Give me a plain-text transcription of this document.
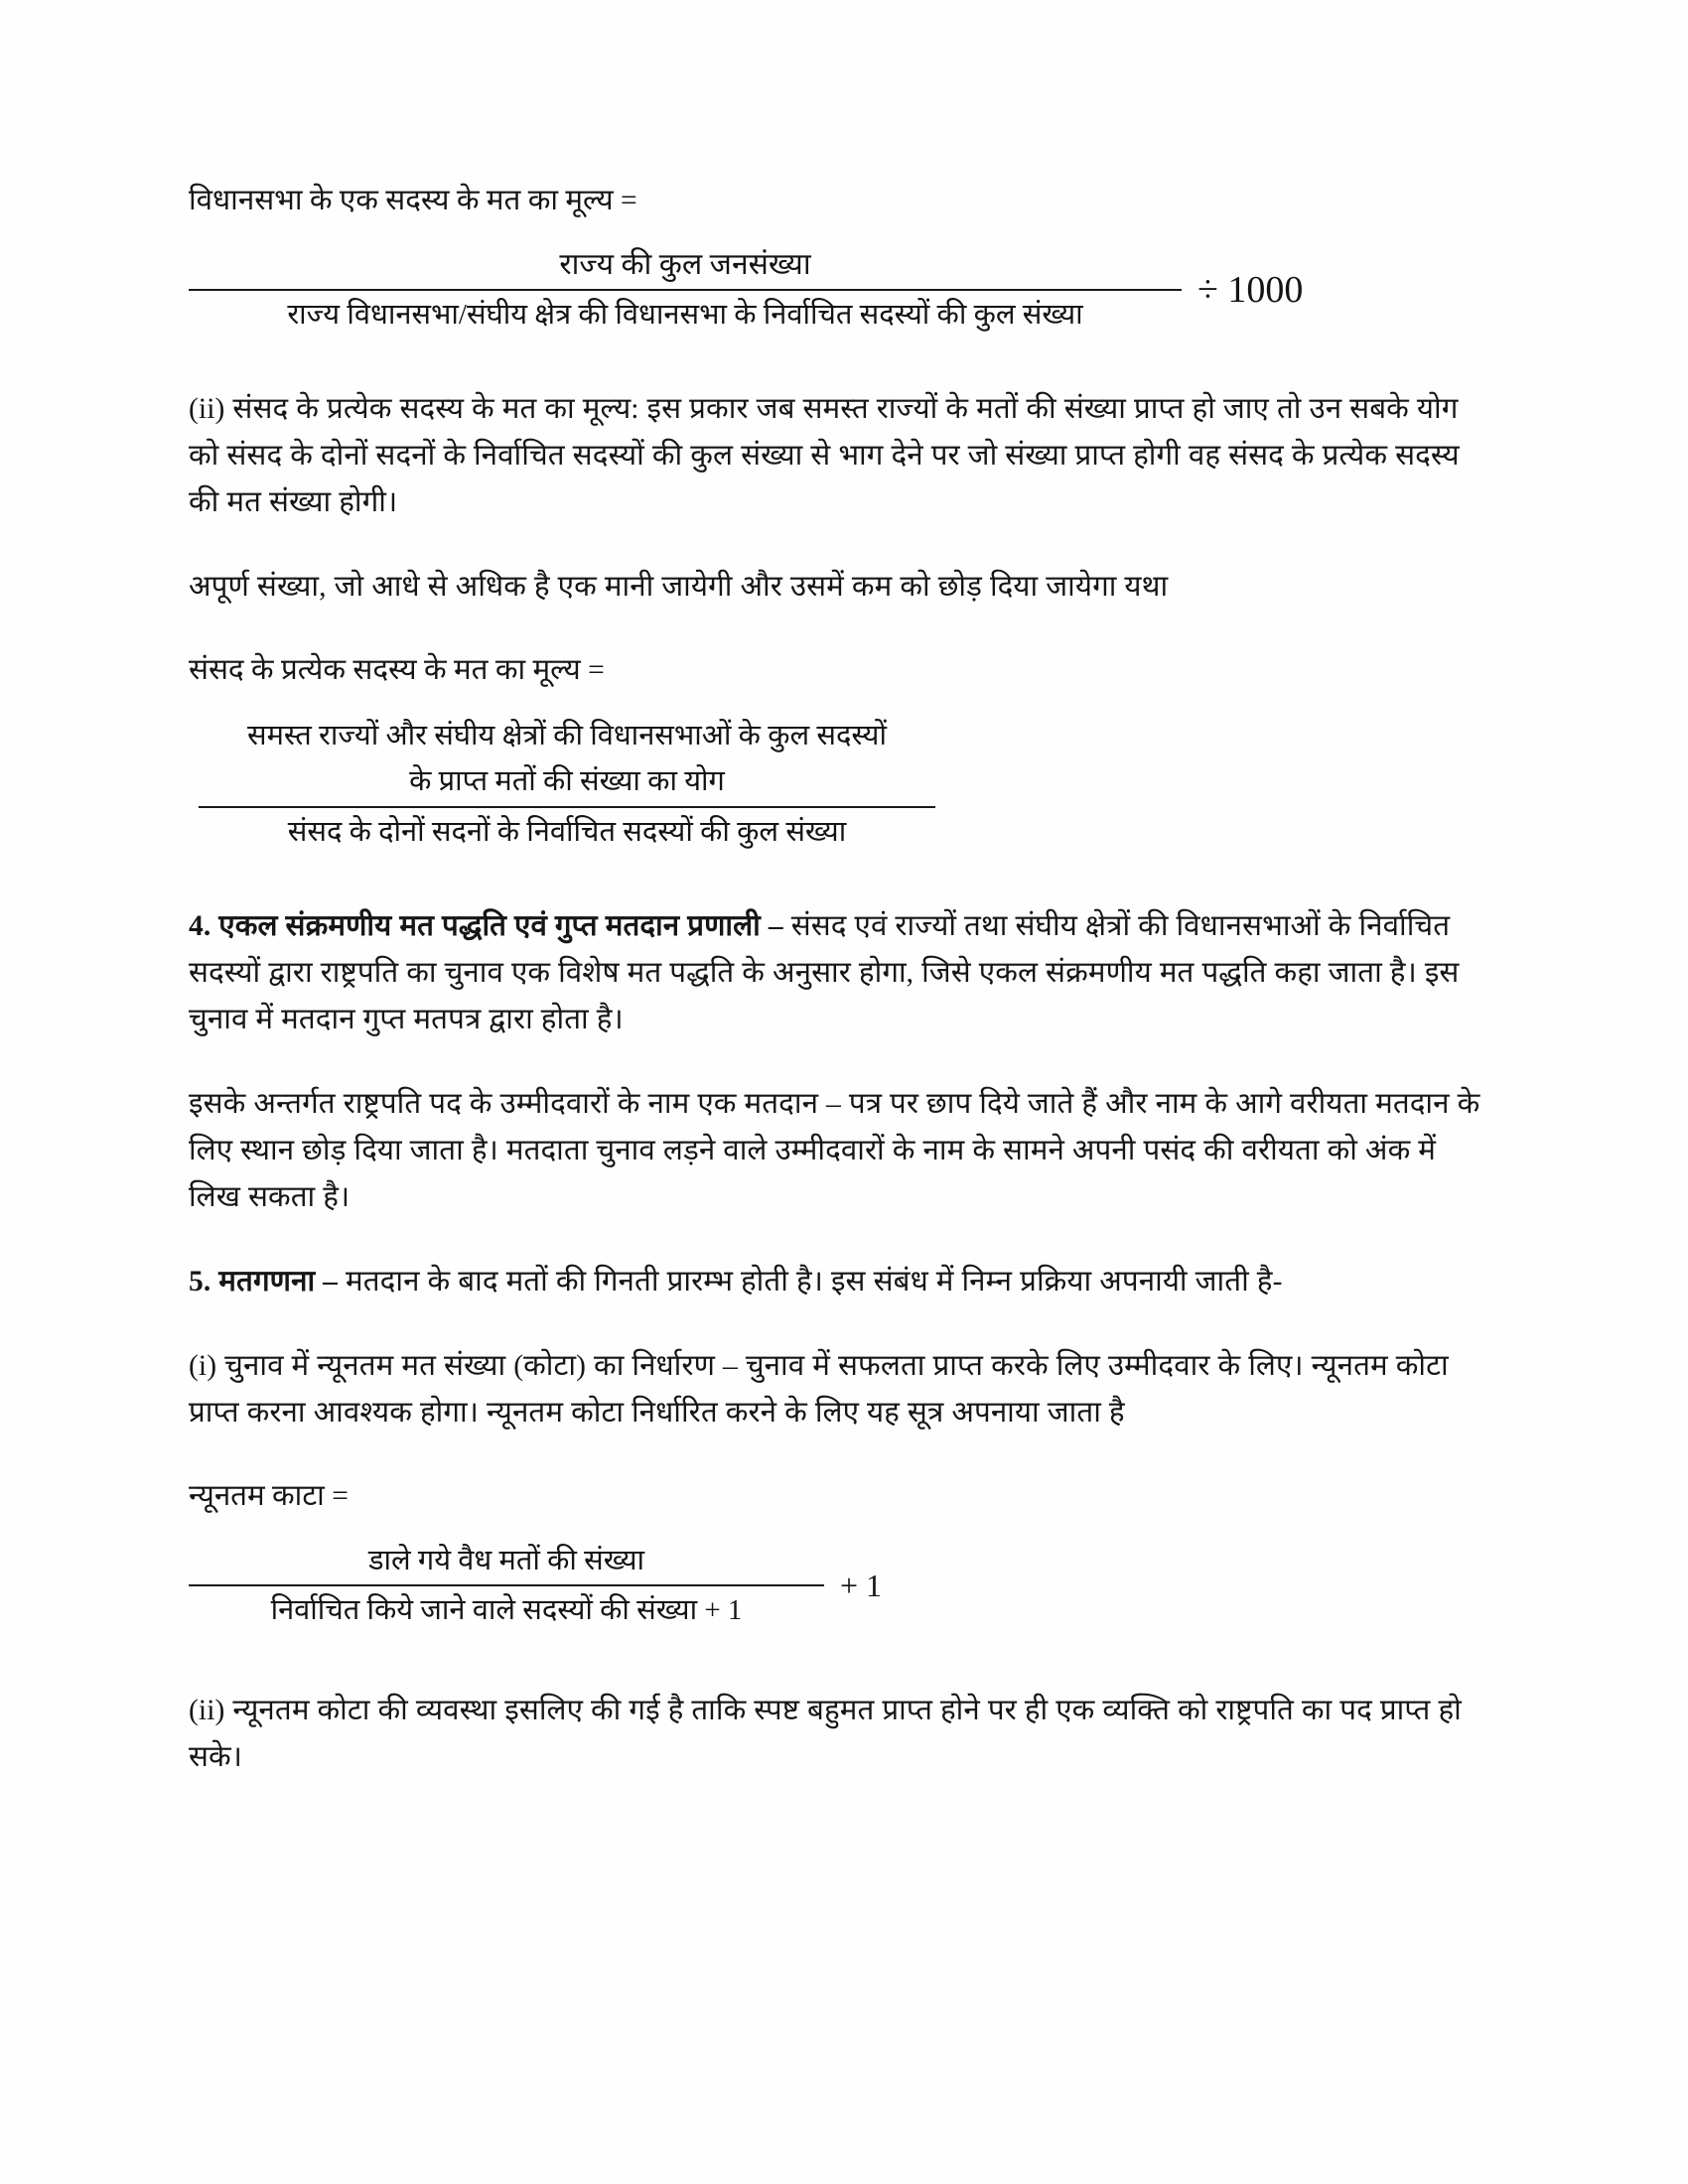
विधानसभा के एक सदस्य के मत का मूल्य =

राज्य की कुल जनसंख्या
राज्य विधानसभा/संघीय क्षेत्र की विधानसभा के निर्वाचित सदस्यों की कुल संख्या
÷ 1000

(ii) संसद के प्रत्येक सदस्य के मत का मूल्य: इस प्रकार जब समस्त राज्यों के मतों की संख्या प्राप्त हो जाए तो उन सबके योग को संसद के दोनों सदनों के निर्वाचित सदस्यों की कुल संख्या से भाग देने पर जो संख्या प्राप्त होगी वह संसद के प्रत्येक सदस्य की मत संख्या होगी।

अपूर्ण संख्या, जो आधे से अधिक है एक मानी जायेगी और उसमें कम को छोड़ दिया जायेगा यथा

संसद के प्रत्येक सदस्य के मत का मूल्य =

समस्त राज्यों और संघीय क्षेत्रों की विधानसभाओं के कुल सदस्यों
के प्राप्त मतों की संख्या का योग
संसद के दोनों सदनों के निर्वाचित सदस्यों की कुल संख्या

4. एकल संक्रमणीय मत पद्धति एवं गुप्त मतदान प्रणाली – संसद एवं राज्यों तथा संघीय क्षेत्रों की विधानसभाओं के निर्वाचित सदस्यों द्वारा राष्ट्रपति का चुनाव एक विशेष मत पद्धति के अनुसार होगा, जिसे एकल संक्रमणीय मत पद्धति कहा जाता है। इस चुनाव में मतदान गुप्त मतपत्र द्वारा होता है।

इसके अन्तर्गत राष्ट्रपति पद के उम्मीदवारों के नाम एक मतदान – पत्र पर छाप दिये जाते हैं और नाम के आगे वरीयता मतदान के लिए स्थान छोड़ दिया जाता है। मतदाता चुनाव लड़ने वाले उम्मीदवारों के नाम के सामने अपनी पसंद की वरीयता को अंक में लिख सकता है।

5. मतगणना – मतदान के बाद मतों की गिनती प्रारम्भ होती है। इस संबंध में निम्न प्रक्रिया अपनायी जाती है-

(i) चुनाव में न्यूनतम मत संख्या (कोटा) का निर्धारण – चुनाव में सफलता प्राप्त करके लिए उम्मीदवार के लिए। न्यूनतम कोटा प्राप्त करना आवश्यक होगा। न्यूनतम कोटा निर्धारित करने के लिए यह सूत्र अपनाया जाता है

न्यूनतम काटा =

$\frac{\text{डाले गये वैध मतों की संख्या}}{\text{निर्वाचित किये जाने वाले सदस्यों की संख्या + 1}} + 1$

(ii) न्यूनतम कोटा की व्यवस्था इसलिए की गई है ताकि स्पष्ट बहुमत प्राप्त होने पर ही एक व्यक्ति को राष्ट्रपति का पद प्राप्त हो सके।
